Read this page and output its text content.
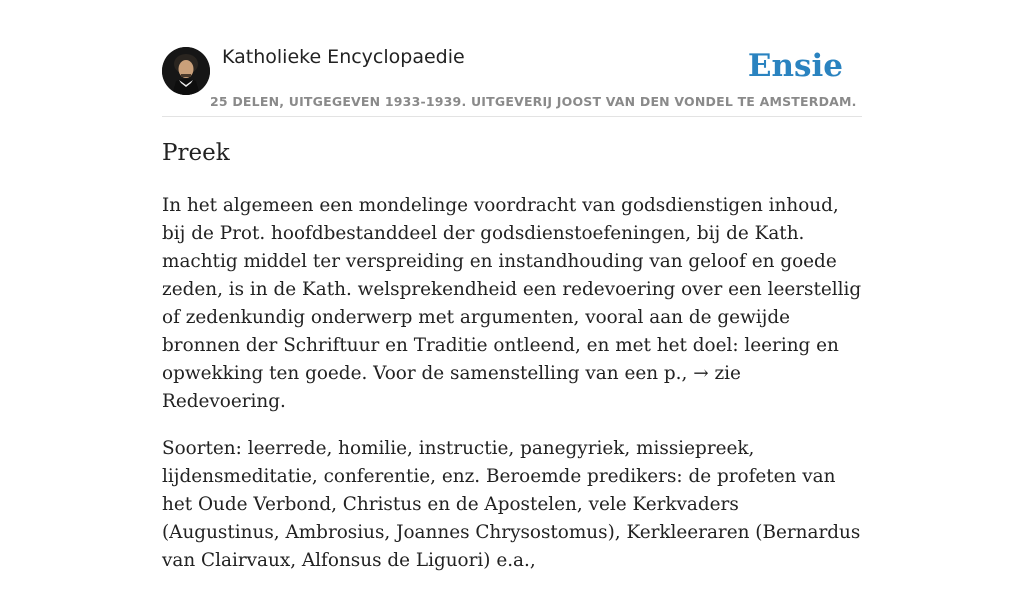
Katholieke Encyclopaedie
25 DELEN, UITGEGEVEN 1933-1939. UITGEVERIJ JOOST VAN DEN VONDEL TE AMSTERDAM.
Ensie
Preek

In het algemeen een mondelinge voordracht van godsdienstigen inhoud, bij de Prot. hoofdbestanddeel der godsdienstoefeningen, bij de Kath. machtig middel ter verspreiding en instandhouding van geloof en goede zeden, is in de Kath. welsprekendheid een redevoering over een leerstellig of zedenkundig onderwerp met argumenten, vooral aan de gewijde bronnen der Schriftuur en Traditie ontleend, en met het doel: leering en opwekking ten goede. Voor de samenstelling van een p., → zie Redevoering.

Soorten: leerrede, homilie, instructie, panegyriek, missiepreek, lijdensmeditatie, conferentie, enz. Beroemde predikers: de profeten van het Oude Verbond, Christus en de Apostelen, vele Kerkvaders (Augustinus, Ambrosius, Joannes Chrysostomus), Kerkleeraren (Bernardus van Clairvaux, Alfonsus de Liguori) e.a.,
